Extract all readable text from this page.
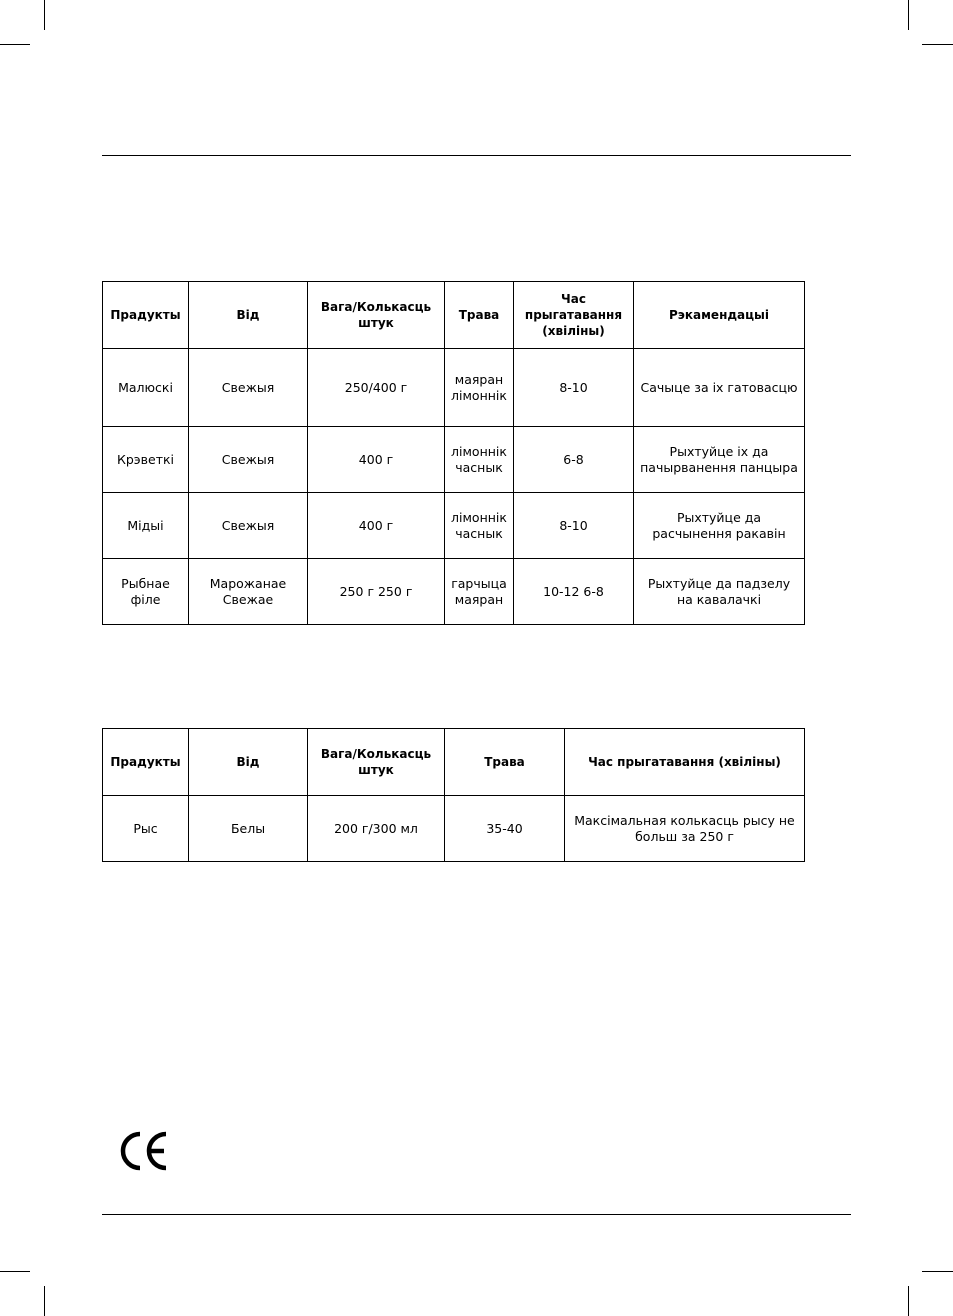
Прадукты	Від	Вага/Колькасць штук	Трава	Час прыгатавання (хвіліны)	Рэкамендацыі
Малюскі	Свежыя	250/400 г	маяран лімоннік	8-10	Сачыце за іх гатовасцю
Крэветкі	Свежыя	400 г	лімоннік часнык	6-8	Рыхтуйце іх да пачырванення панцыра
Мідыі	Свежыя	400 г	лімоннік часнык	8-10	Рыхтуйце да расчынення ракавін
Рыбнае філе	Марожанае Свежае	250 г 250 г	гарчыца маяран	10-12 6-8	Рыхтуйце да падзелу на кавалачкі
Прадукты	Від	Вага/Колькасць штук	Трава	Час прыгатавання (хвіліны)
Рыс	Белы	200 г/300 мл	35-40	Максімальная колькасць рысу не больш за 250 г
